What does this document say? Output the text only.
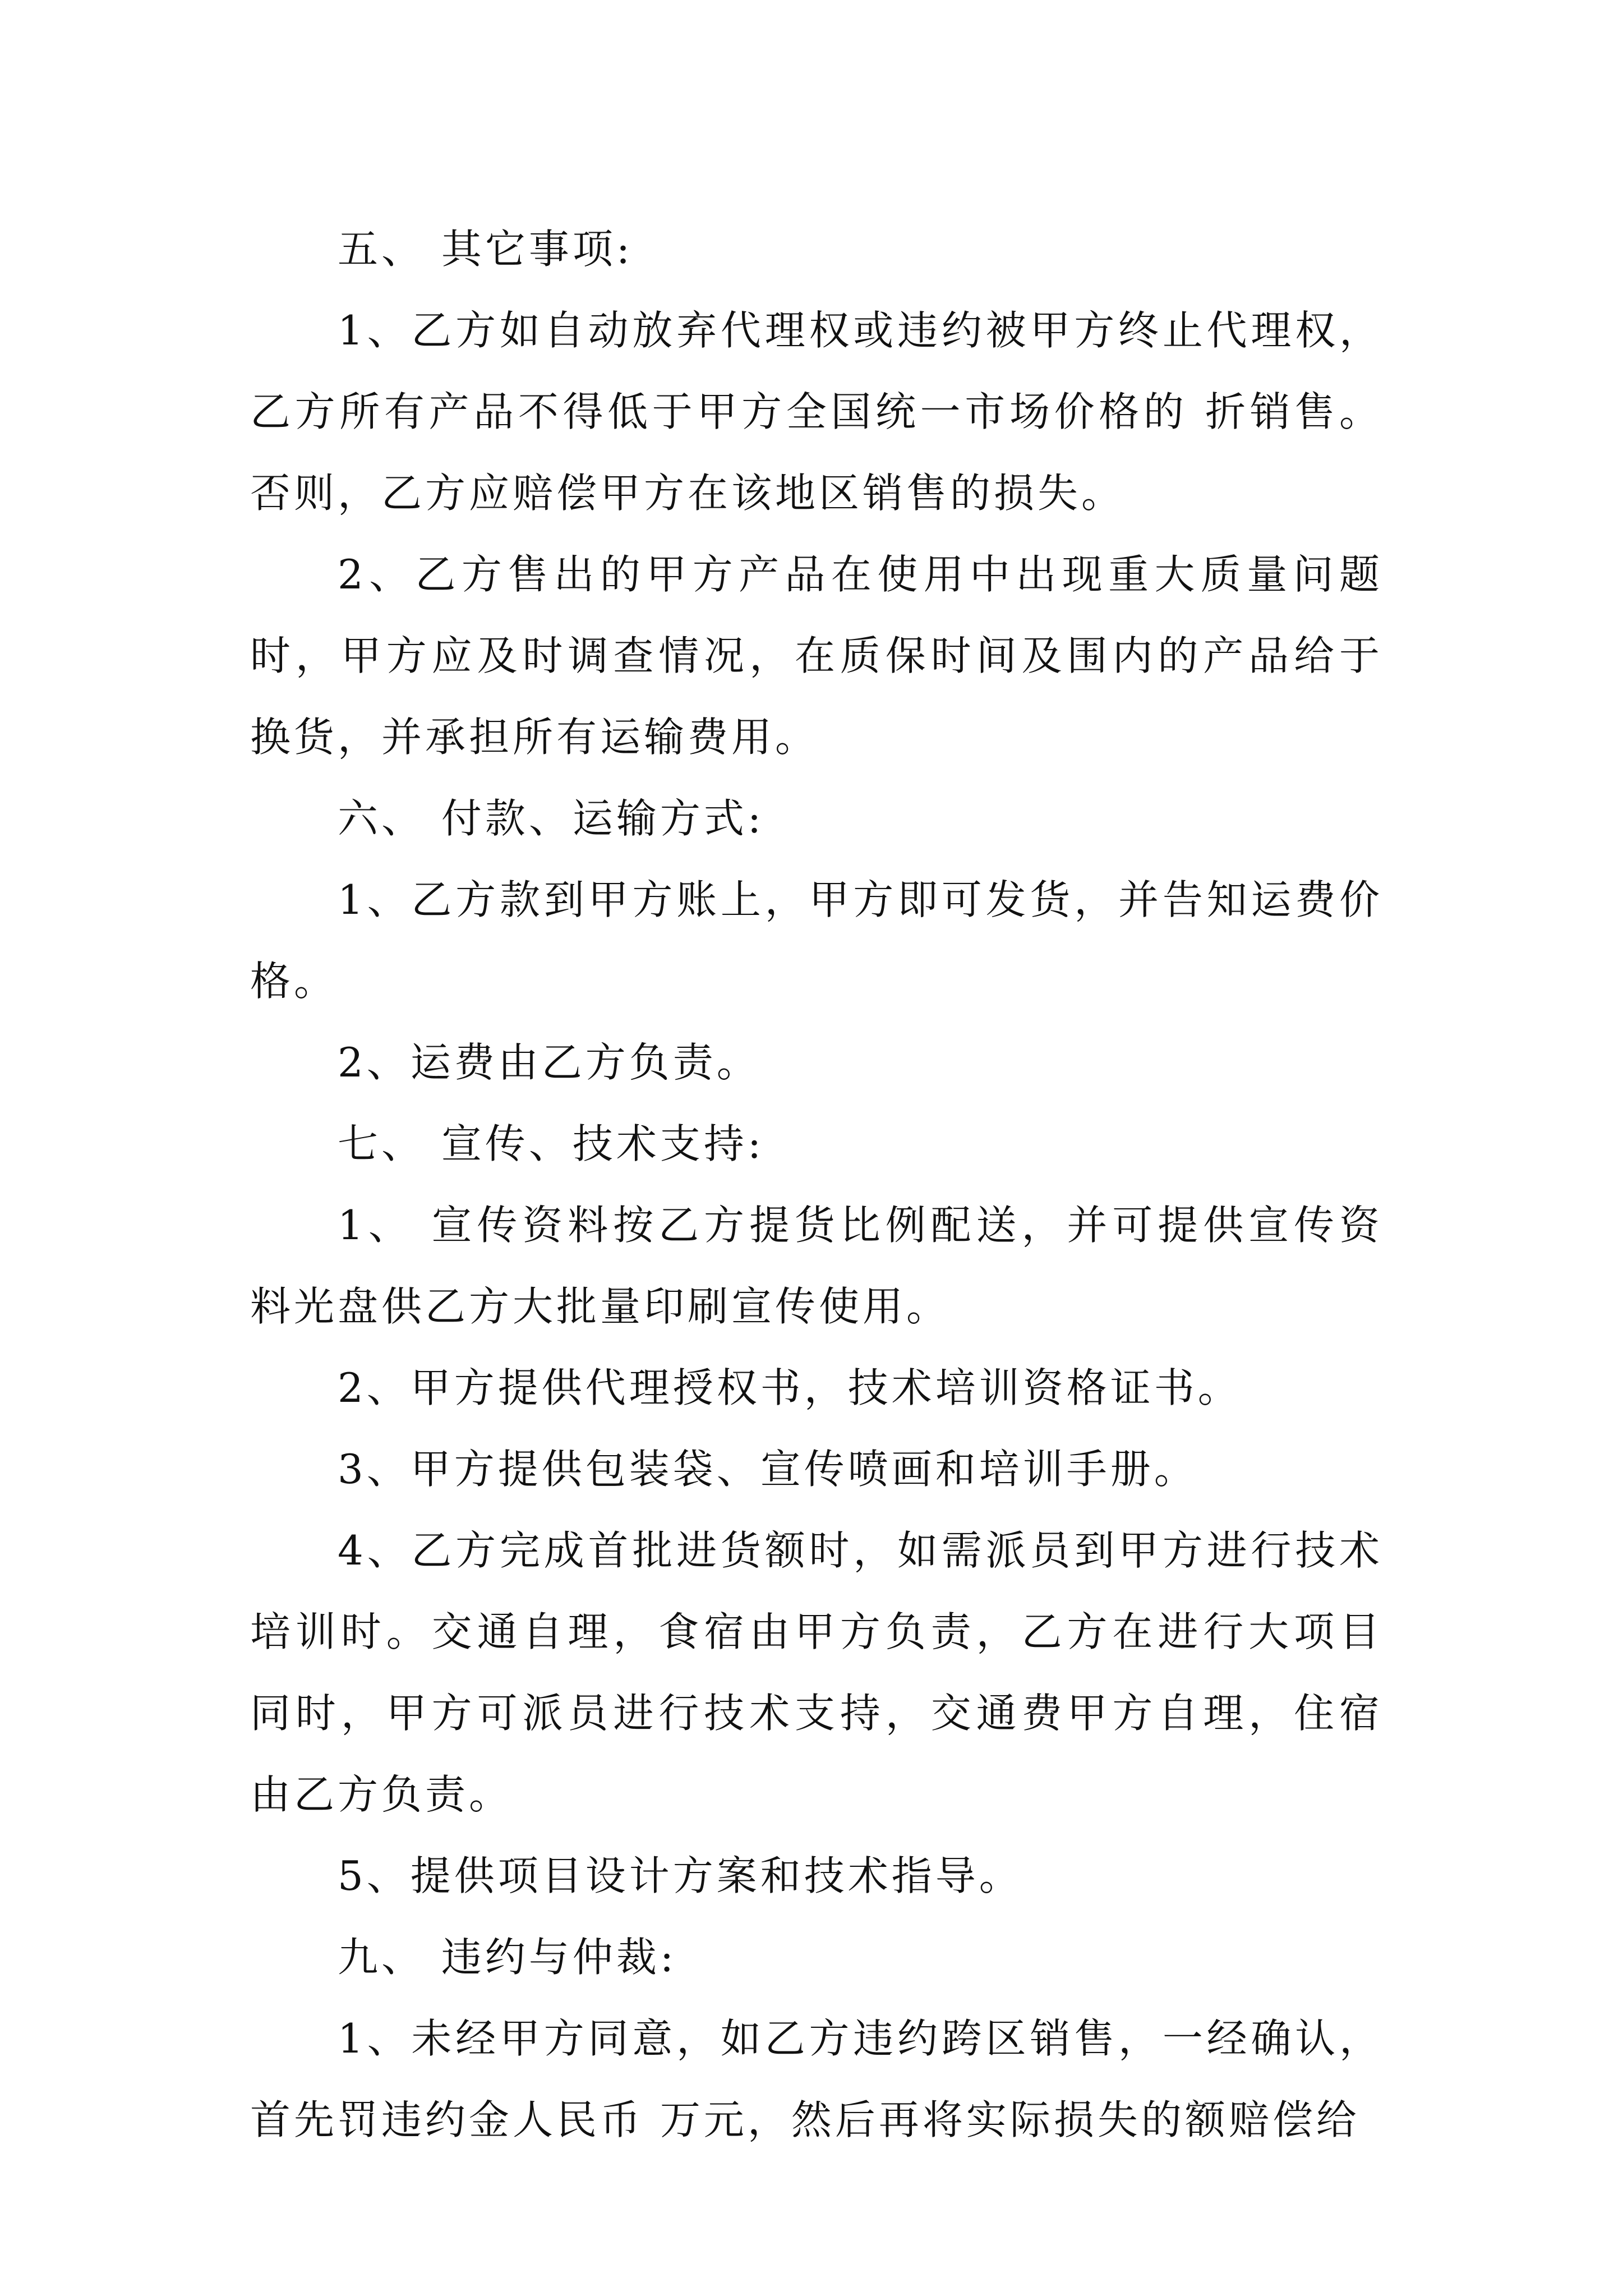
五、 其它事项:

1、乙方如自动放弃代理权或违约被甲方终止代理权，乙方所有产品不得低于甲方全国统一市场价格的 折销售。否则，乙方应赔偿甲方在该地区销售的损失。

2、乙方售出的甲方产品在使用中出现重大质量问题时，甲方应及时调查情况，在质保时间及围内的产品给于换货，并承担所有运输费用。

六、 付款、运输方式:

1、乙方款到甲方账上，甲方即可发货，并告知运费价格。

2、运费由乙方负责。

七、 宣传、技术支持:

1、 宣传资料按乙方提货比例配送，并可提供宣传资料光盘供乙方大批量印刷宣传使用。

2、甲方提供代理授权书，技术培训资格证书。

3、甲方提供包装袋、宣传喷画和培训手册。

4、乙方完成首批进货额时，如需派员到甲方进行技术培训时。交通自理，食宿由甲方负责，乙方在进行大项目同时，甲方可派员进行技术支持，交通费甲方自理，住宿由乙方负责。

5、提供项目设计方案和技术指导。

九、 违约与仲裁:

1、未经甲方同意，如乙方违约跨区销售，一经确认，首先罚违约金人民币 万元，然后再将实际损失的额赔偿给
